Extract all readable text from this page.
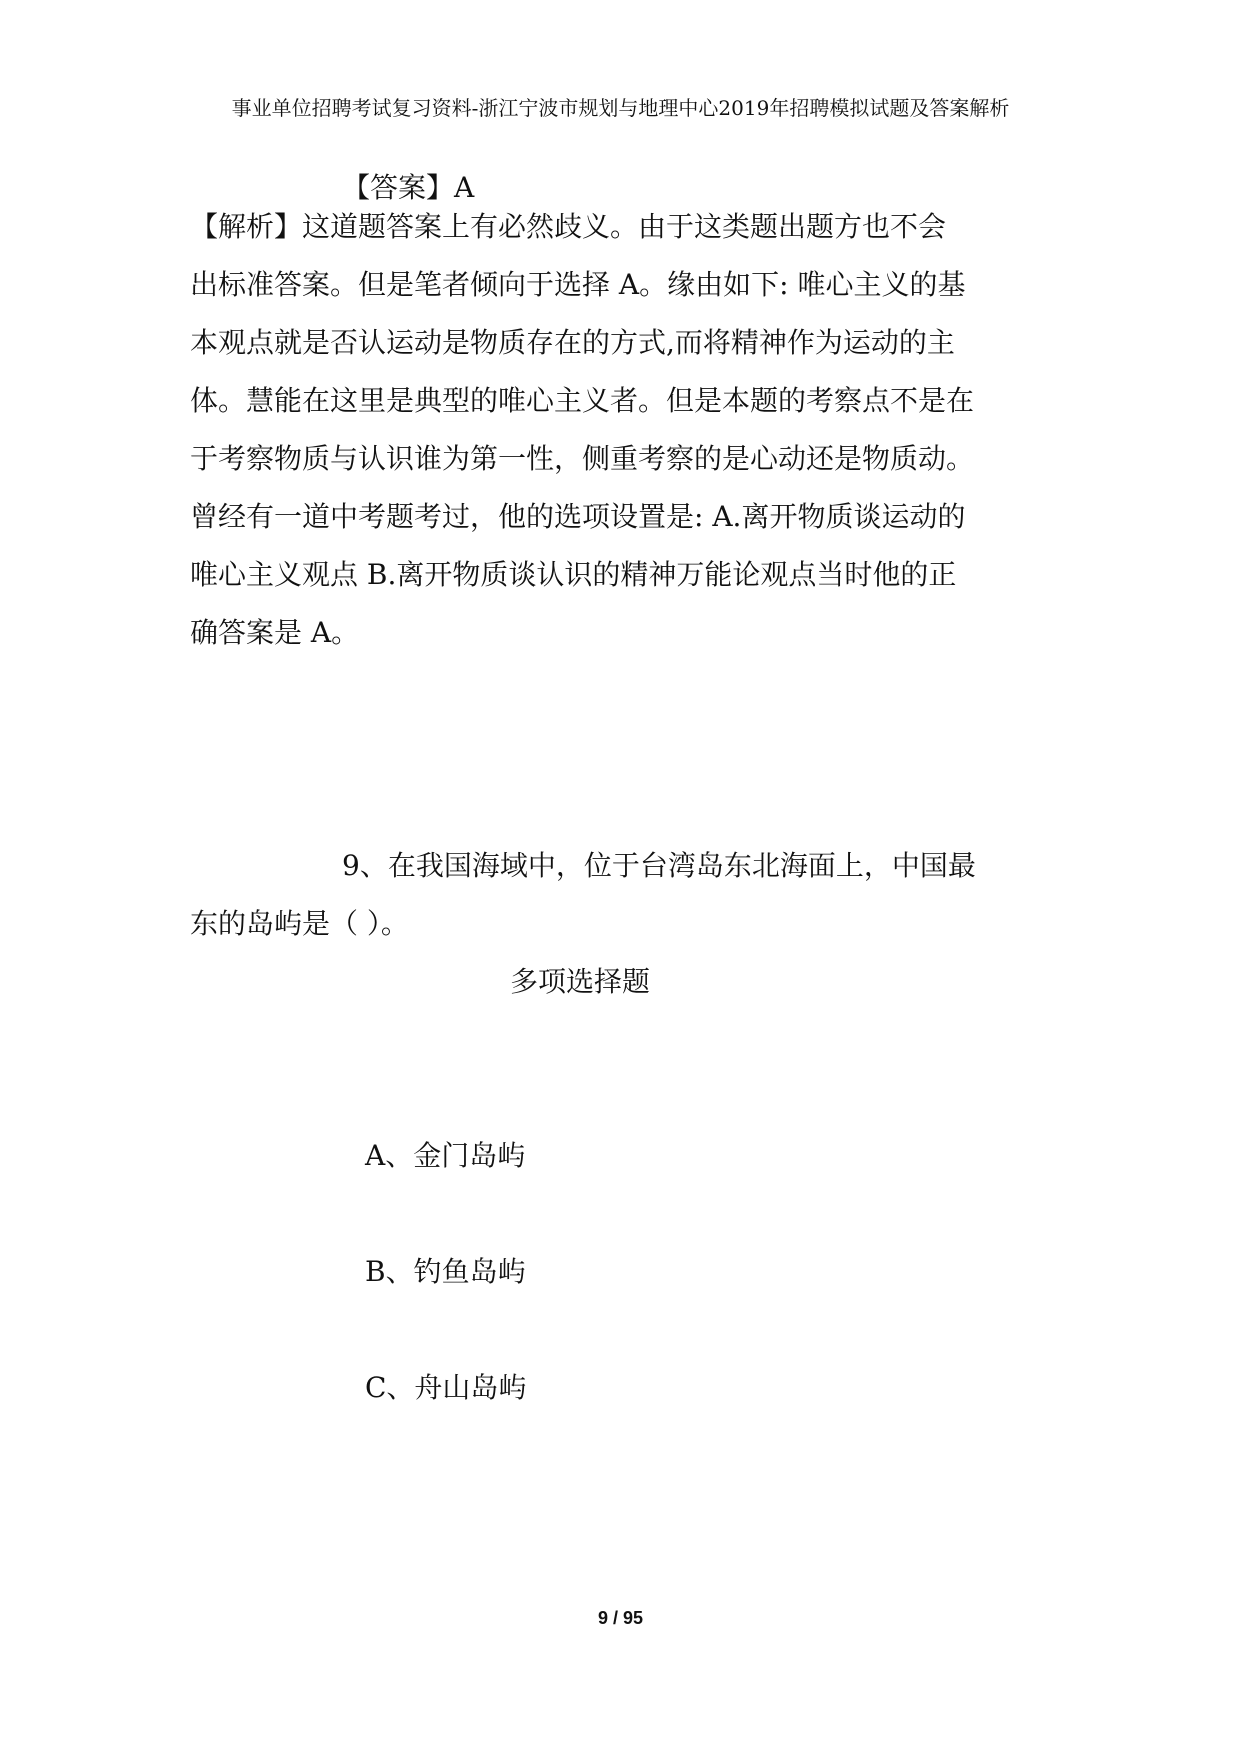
事业单位招聘考试复习资料-浙江宁波市规划与地理中心2019年招聘模拟试题及答案解析
【答案】A
【解析】这道题答案上有必然歧义。由于这类题出题方也不会
出标准答案。但是笔者倾向于选择 A。缘由如下: 唯心主义的基
本观点就是否认运动是物质存在的方式,而将精神作为运动的主
体。慧能在这里是典型的唯心主义者。但是本题的考察点不是在
于考察物质与认识谁为第一性，侧重考察的是心动还是物质动。
曾经有一道中考题考过，他的选项设置是: A.离开物质谈运动的
唯心主义观点 B.离开物质谈认识的精神万能论观点当时他的正
确答案是 A。
9、在我国海域中，位于台湾岛东北海面上，中国最
东的岛屿是（ ）。
多项选择题
A、金门岛屿
B、钓鱼岛屿
C、舟山岛屿
9 / 95
